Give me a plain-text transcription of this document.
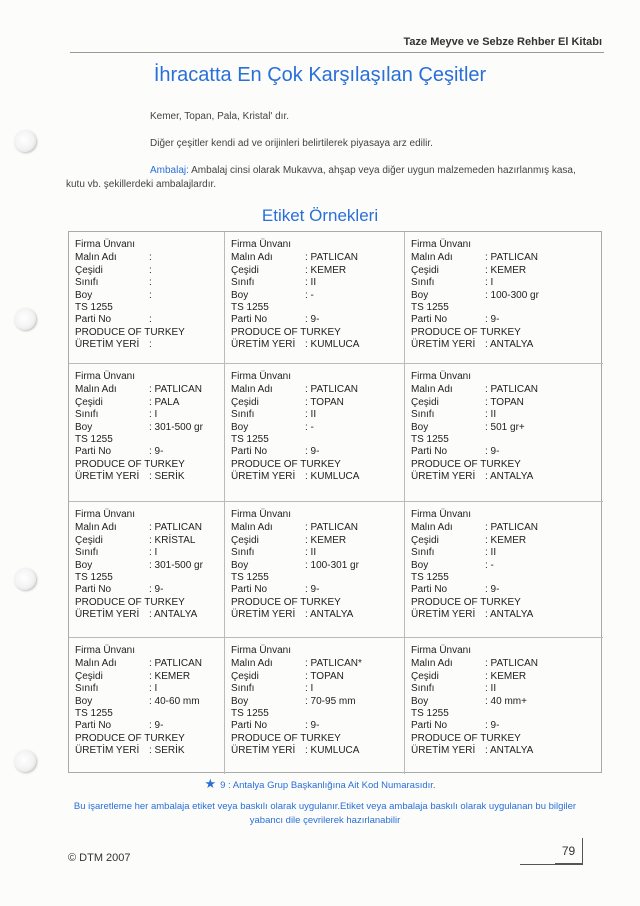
Taze Meyve ve Sebze Rehber El Kitabı
İhracatta En Çok Karşılaşılan Çeşitler
Kemer, Topan, Pala, Kristal' dır.
Diğer çeşitler kendi ad ve orijinleri belirtilerek piyasaya arz edilir.
Ambalaj: Ambalaj cinsi olarak Mukavva, ahşap veya diğer uygun malzemeden hazırlanmış kasa, kutu vb. şekillerdeki ambalajlardır.
Etiket Örnekleri
Firma Ünvanı
Malın Adı	:
Çeşidi	:
Sınıfı	:
Boy	:
TS 1255
Parti No	:
PRODUCE OF TURKEY
ÜRETİM YERİ :
Firma Ünvanı
Malın Adı	: PATLICAN
Çeşidi	: KEMER
Sınıfı	: II
Boy	: -
TS 1255
Parti No	: 9-
PRODUCE OF TURKEY
ÜRETİM YERİ : KUMLUCA
Firma Ünvanı
Malın Adı	: PATLICAN
Çeşidi	: KEMER
Sınıfı	: I
Boy	: 100-300 gr
TS 1255
Parti No	: 9-
PRODUCE OF TURKEY
ÜRETİM YERİ : ANTALYA
Firma Ünvanı
Malın Adı	: PATLICAN
Çeşidi	: PALA
Sınıfı	: I
Boy	: 301-500 gr
TS 1255
Parti No	: 9-
PRODUCE OF TURKEY
ÜRETİM YERİ : SERİK
Firma Ünvanı
Malın Adı	: PATLICAN
Çeşidi	: TOPAN
Sınıfı	: II
Boy	: -
TS 1255
Parti No	: 9-
PRODUCE OF TURKEY
ÜRETİM YERİ : KUMLUCA
Firma Ünvanı
Malın Adı	: PATLICAN
Çeşidi	: TOPAN
Sınıfı	: II
Boy	: 501 gr+
TS 1255
Parti No	: 9-
PRODUCE OF TURKEY
ÜRETİM YERİ : ANTALYA
Firma Ünvanı
Malın Adı	: PATLICAN
Çeşidi	: KRİSTAL
Sınıfı	: I
Boy	: 301-500 gr
TS 1255
Parti No	: 9-
PRODUCE OF TURKEY
ÜRETİM YERİ : ANTALYA
Firma Ünvanı
Malın Adı	: PATLICAN
Çeşidi	: KEMER
Sınıfı	: II
Boy	: 100-301 gr
TS 1255
Parti No	: 9-
PRODUCE OF TURKEY
ÜRETİM YERİ : ANTALYA
Firma Ünvanı
Malın Adı	: PATLICAN
Çeşidi	: KEMER
Sınıfı	: II
Boy	: -
TS 1255
Parti No	: 9-
PRODUCE OF TURKEY
ÜRETİM YERİ : ANTALYA
Firma Ünvanı
Malın Adı	: PATLICAN
Çeşidi	: KEMER
Sınıfı	: I
Boy	: 40-60 mm
TS 1255
Parti No	: 9-
PRODUCE OF TURKEY
ÜRETİM YERİ : SERİK
Firma Ünvanı
Malın Adı	: PATLICAN*
Çeşidi	: TOPAN
Sınıfı	: I
Boy	: 70-95 mm
TS 1255
Parti No	: 9-
PRODUCE OF TURKEY
ÜRETİM YERİ : KUMLUCA
Firma Ünvanı
Malın Adı	: PATLICAN
Çeşidi	: KEMER
Sınıfı	: II
Boy	: 40 mm+
TS 1255
Parti No	: 9-
PRODUCE OF TURKEY
ÜRETİM YERİ : ANTALYA
★ 9 : Antalya Grup Başkanlığına Ait Kod Numarasıdır.
Bu işaretleme her ambalaja etiket veya baskılı olarak uygulanır.Etiket veya ambalaja baskılı olarak uygulanan bu bilgiler yabancı dile çevrilerek hazırlanabilir
© DTM 2007	79
